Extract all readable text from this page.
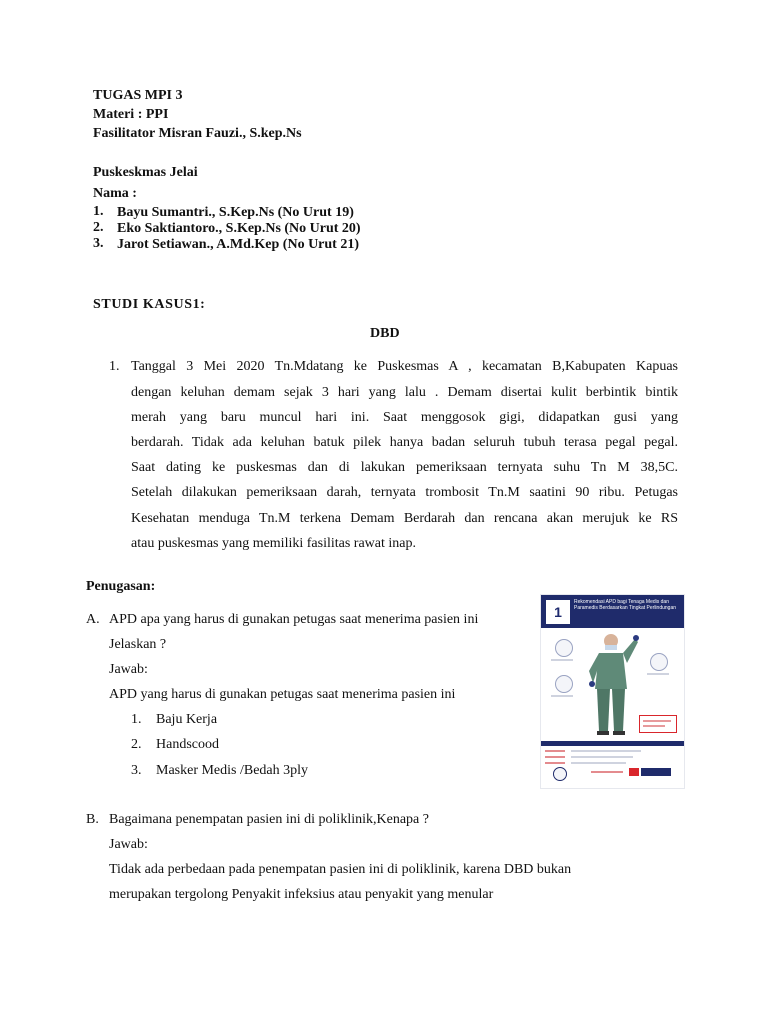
TUGAS MPI 3
Materi : PPI
Fasilitator Misran Fauzi., S.kep.Ns
Puskeskmas Jelai
Nama :
1. Bayu Sumantri., S.Kep.Ns (No Urut 19)
2. Eko Saktiantoro., S.Kep.Ns (No Urut 20)
3. Jarot Setiawan., A.Md.Kep (No Urut 21)
STUDI KASUS1:
DBD
1. Tanggal 3 Mei 2020 Tn.Mdatang ke Puskesmas A , kecamatan B,Kabupaten Kapuas
dengan keluhan demam sejak 3 hari yang lalu . Demam disertai kulit berbintik bintik
merah yang baru muncul hari ini. Saat menggosok gigi, didapatkan gusi yang
berdarah. Tidak ada keluhan batuk pilek hanya badan seluruh tubuh terasa pegal pegal.
Saat dating ke puskesmas dan di lakukan pemeriksaan ternyata suhu Tn M 38,5C.
Setelah dilakukan pemeriksaan darah, ternyata trombosit Tn.M saatini 90 ribu. Petugas
Kesehatan menduga Tn.M terkena Demam Berdarah dan rencana akan merujuk ke RS
atau puskesmas yang memiliki fasilitas rawat inap.
Penugasan:
A. APD apa yang harus di gunakan petugas saat menerima pasien ini
Jelaskan ?
Jawab:
APD yang harus di gunakan petugas saat menerima pasien ini
1. Baju Kerja
2. Handscood
3. Masker Medis /Bedah 3ply
B. Bagaimana penempatan pasien ini di poliklinik,Kenapa ?
Jawab:
Tidak ada perbedaan pada penempatan pasien ini di poliklinik, karena DBD bukan
merupakan tergolong Penyakit infeksius atau penyakit yang menular
1
Rekomendasi APD bagi Tenaga Medis dan Paramedis Berdasarkan Tingkat Perlindungan
